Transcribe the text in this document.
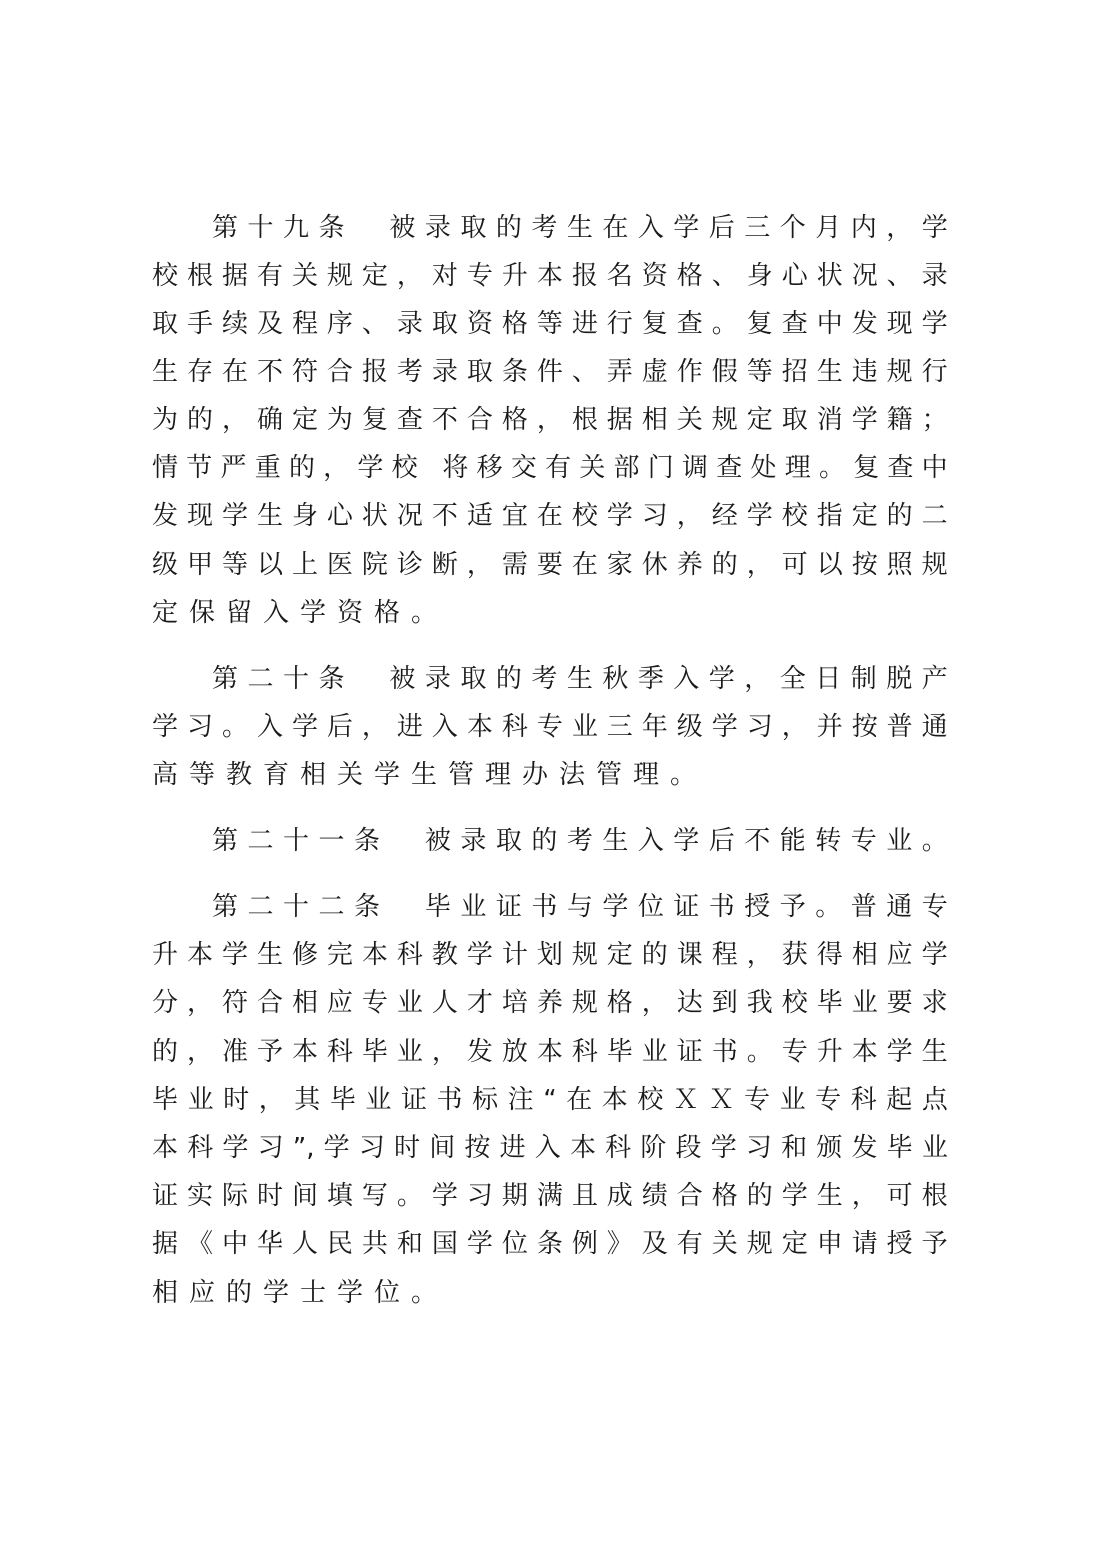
第十九条　 被录取的考生在入学后三个月内，学
校根据有关规定，对专升本报名资格、身心状况、录
取手续及程序、录取资格等进行复查。复查中发现学
生存在不符合报考录取条件、弄虚作假等招生违规行
为的，确定为复查不合格，根据相关规定取消学籍；
情节严重的，学校 将移交有关部门调查处理。复查中
发现学生身心状况不适宜在校学习，经学校指定的二
级甲等以上医院诊断，需要在家休养的，可以按照规
定保留入学资格。
第二十条　 被录取的考生秋季入学，全日制脱产
学习。入学后，进入本科专业三年级学习，并按普通
高等教育相关学生管理办法管理。
第二十一条　 被录取的考生入学后不能转专业。
第二十二条　 毕业证书与学位证书授予。普通专
升本学生修完本科教学计划规定的课程，获得相应学
分，符合相应专业人才培养规格，达到我校毕业要求
的，准予本科毕业，发放本科毕业证书。专升本学生
毕业时，其毕业证书标注“在本校ＸＸ专业专科起点
本科学习”,学习时间按进入本科阶段学习和颁发毕业
证实际时间填写。学习期满且成绩合格的学生，可根
据《中华人民共和国学位条例》及有关规定申请授予
相应的学士学位。
